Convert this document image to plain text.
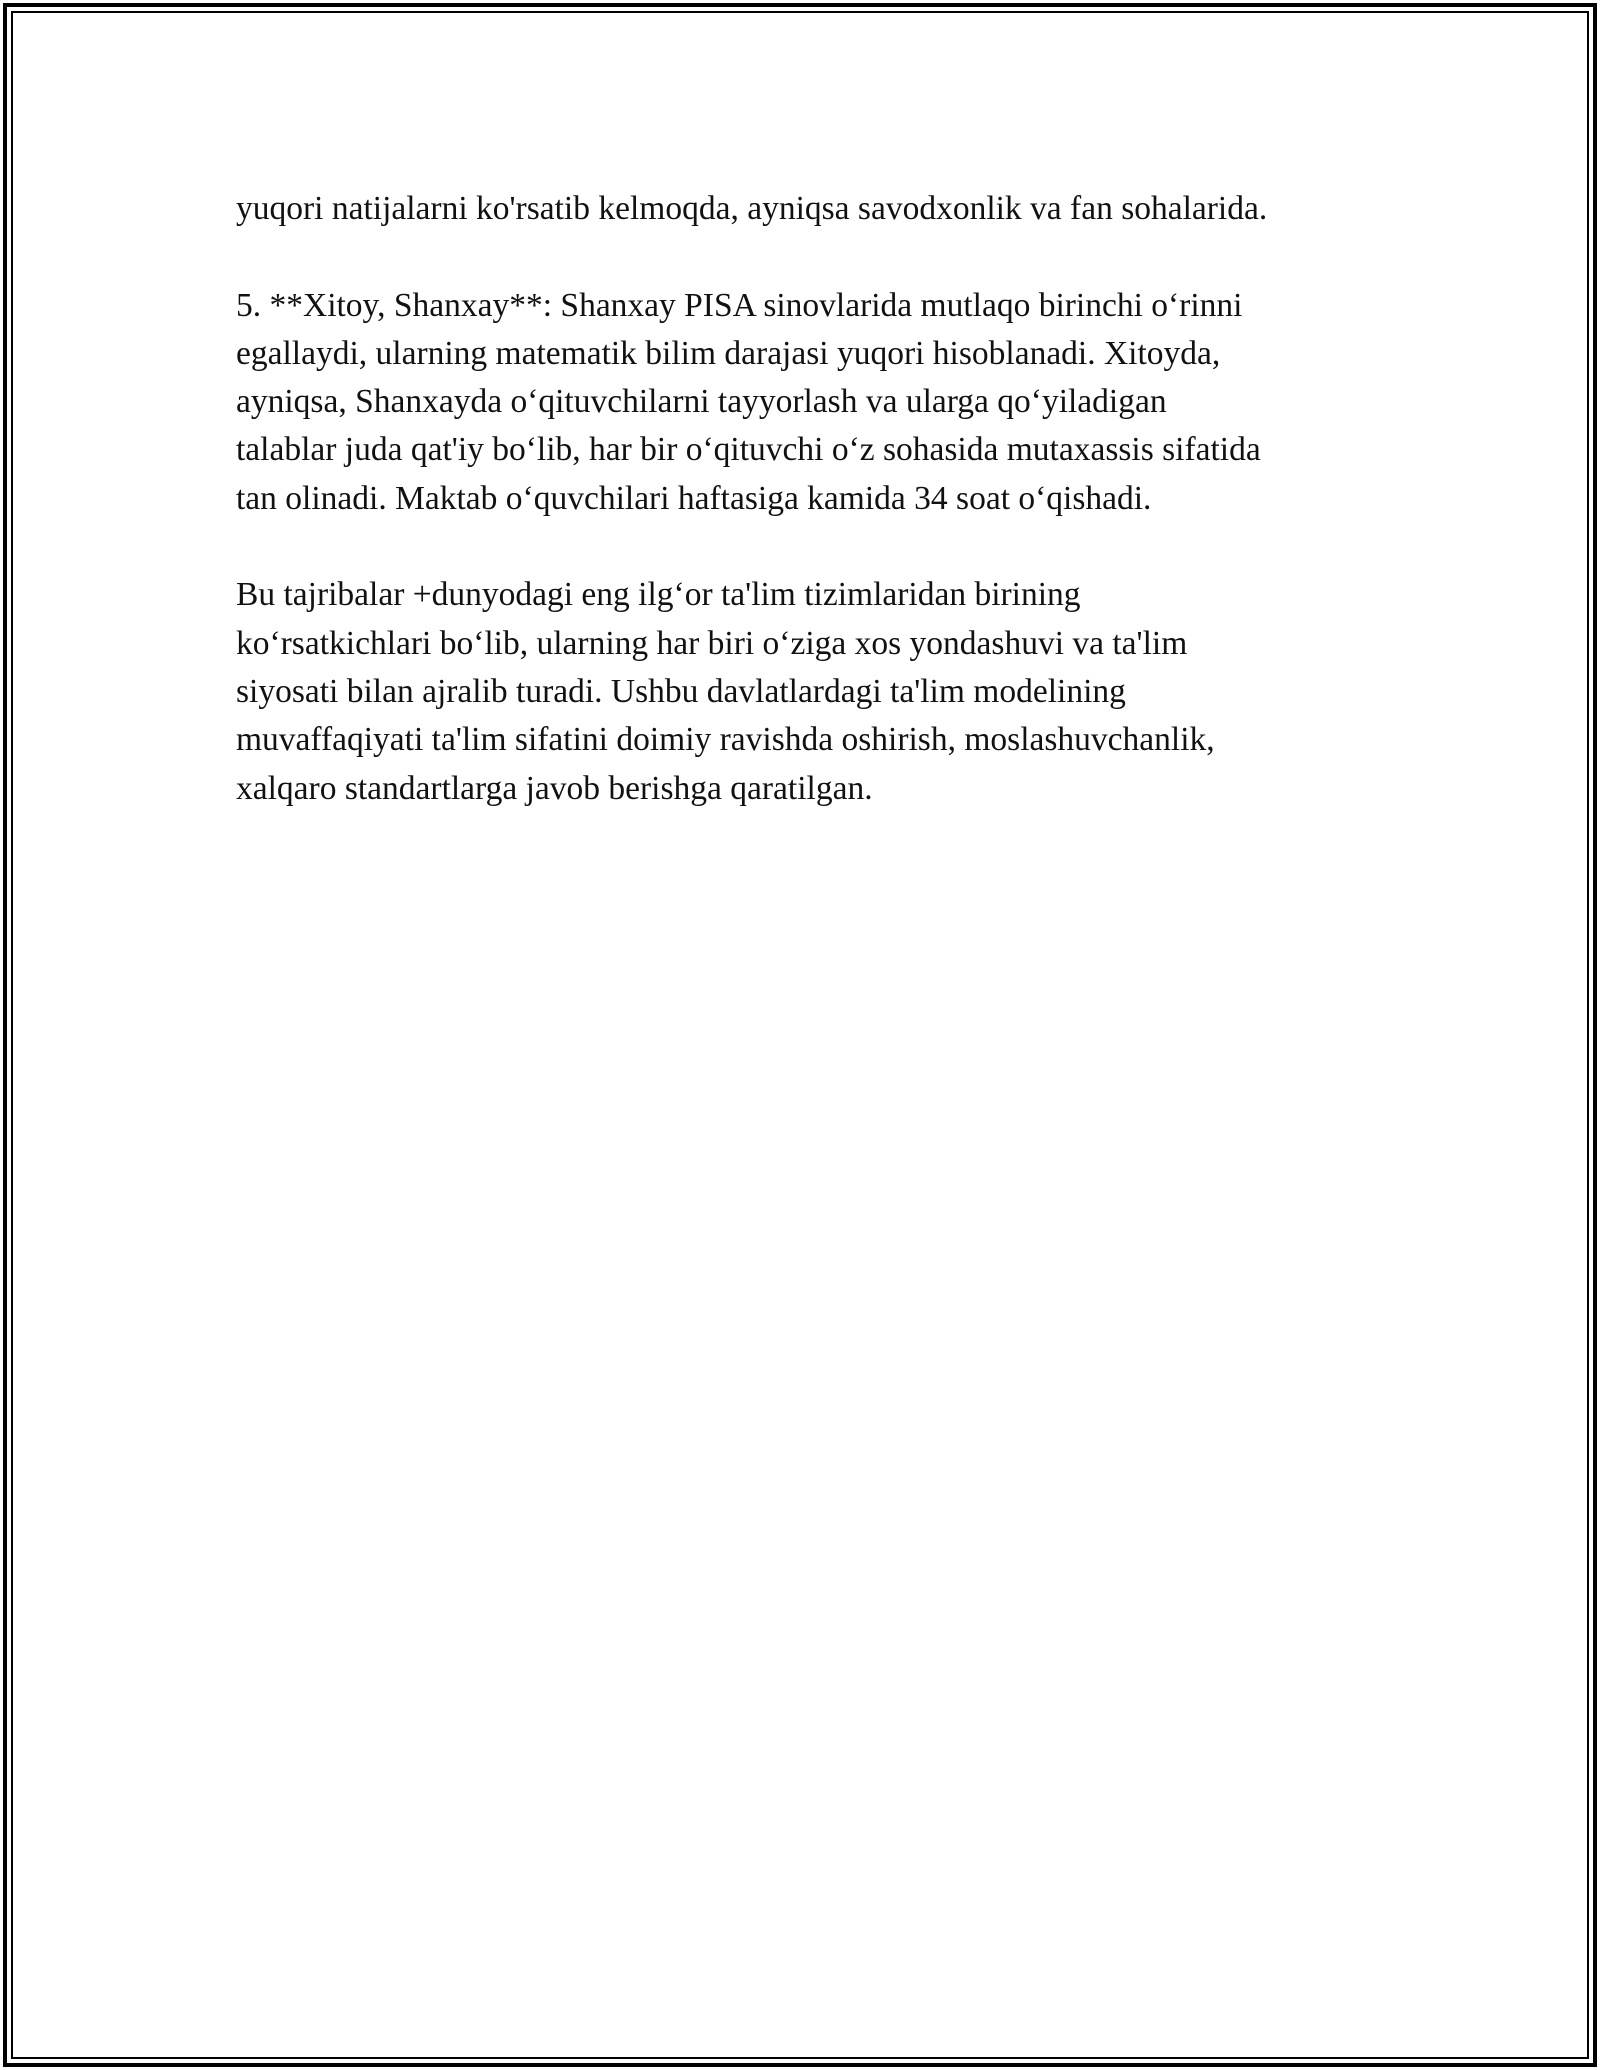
yuqori natijalarni ko'rsatib kelmoqda, ayniqsa savodxonlik va fan sohalarida.

5. **Xitoy, Shanxay**: Shanxay PISA sinovlarida mutlaqo birinchi o‘rinni
egallaydi, ularning matematik bilim darajasi yuqori hisoblanadi. Xitoyda,
ayniqsa, Shanxayda o‘qituvchilarni tayyorlash va ularga qo‘yiladigan
talablar juda qat'iy bo‘lib, har bir o‘qituvchi o‘z sohasida mutaxassis sifatida
tan olinadi. Maktab o‘quvchilari haftasiga kamida 34 soat o‘qishadi.

Bu tajribalar +dunyodagi eng ilg‘or ta'lim tizimlaridan birining
ko‘rsatkichlari bo‘lib, ularning har biri o‘ziga xos yondashuvi va ta'lim
siyosati bilan ajralib turadi. Ushbu davlatlardagi ta'lim modelining
muvaffaqiyati ta'lim sifatini doimiy ravishda oshirish, moslashuvchanlik,
xalqaro standartlarga javob berishga qaratilgan.
